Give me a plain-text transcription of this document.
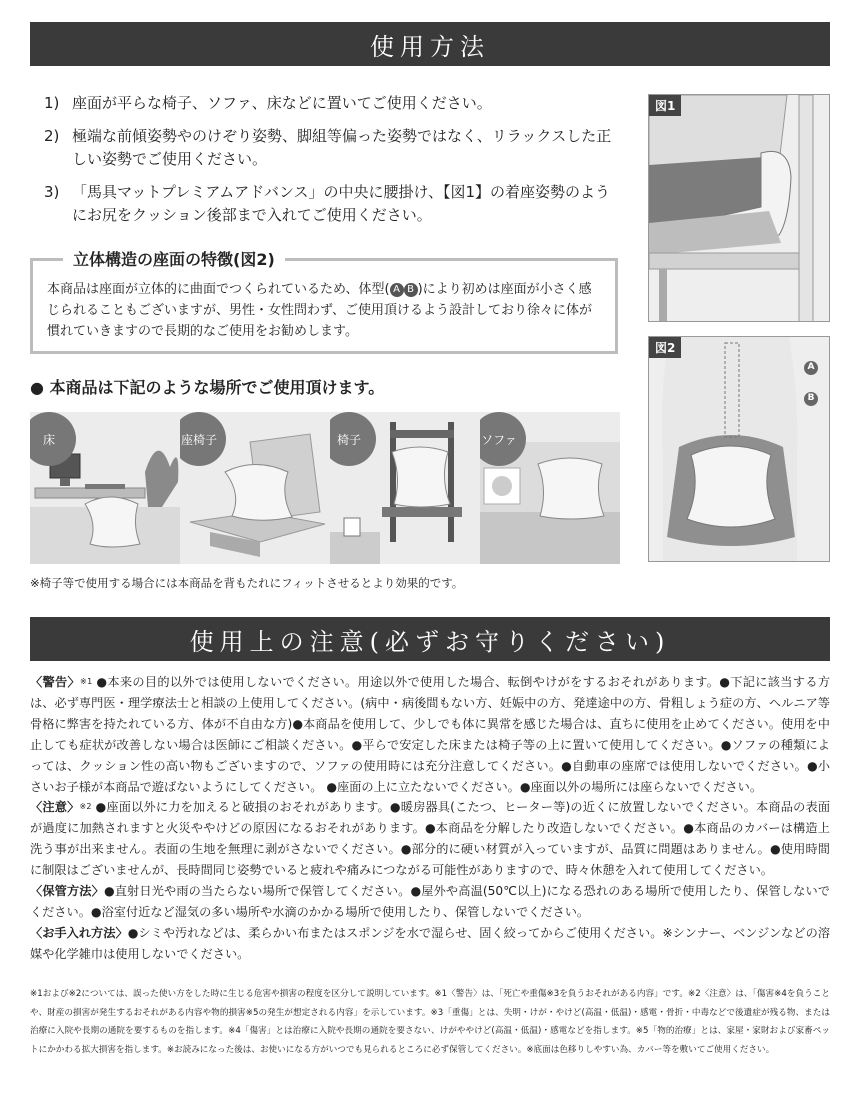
使用方法
1) 座面が平らな椅子、ソファ、床などに置いてご使用ください。
2) 極端な前傾姿勢やのけぞり姿勢、脚組等偏った姿勢ではなく、リラックスした正しい姿勢でご使用ください。
3) 「馬具マットプレミアムアドバンス」の中央に腰掛け、【図1】の着座姿勢のようにお尻をクッション後部まで入れてご使用ください。
立体構造の座面の特徴(図2)
本商品は座面が立体的に曲面でつくられているため、体型( A B )により初めは座面が小さく感じられることもございますが、男性・女性問わず、ご使用頂けるよう設計しており徐々に体が慣れていきますので長期的なご使用をお勧めします。
● 本商品は下記のような場所でご使用頂けます。
床	座椅子	椅子	ソファ
※椅子等で使用する場合には本商品を背もたれにフィットさせるとより効果的です。
図1
図2
A
B
使用上の注意(必ずお守りください)
〈警告〉$^{※1}$ ●本来の目的以外では使用しないでください。用途以外で使用した場合、転倒やけがをするおそれがあります。●下記に該当する方は、必ず専門医・理学療法士と相談の上使用してください。(病中・病後間もない方、妊娠中の方、発達途中の方、骨粗しょう症の方、ヘルニア等骨格に弊害を持たれている方、体が不自由な方)●本商品を使用して、少しでも体に異常を感じた場合は、直ちに使用を止めてください。使用を中止しても症状が改善しない場合は医師にご相談ください。●平らで安定した床または椅子等の上に置いて使用してください。●ソファの種類によっては、クッション性の高い物もございますので、ソファの使用時には充分注意してください。●自動車の座席では使用しないでください。●小さいお子様が本商品で遊ばないようにしてください。 ●座面の上に立たないでください。●座面以外の場所には座らないでください。
〈注意〉$^{※2}$ ●座面以外に力を加えると破損のおそれがあります。●暖房器具(こたつ、ヒーター等)の近くに放置しないでください。本商品の表面が過度に加熱されますと火災ややけどの原因になるおそれがあります。●本商品を分解したり改造しないでください。●本商品のカバーは構造上洗う事が出来ません。表面の生地を無理に剥がさないでください。●部分的に硬い材質が入っていますが、品質に問題はありません。●使用時間に制限はございませんが、長時間同じ姿勢でいると疲れや痛みにつながる可能性がありますので、時々休憩を入れて使用してください。
〈保管方法〉●直射日光や雨の当たらない場所で保管してください。●屋外や高温(50℃以上)になる恐れのある場所で使用したり、保管しないでください。●浴室付近など湿気の多い場所や水滴のかかる場所で使用したり、保管しないでください。
〈お手入れ方法〉●シミや汚れなどは、柔らかい布またはスポンジを水で湿らせ、固く絞ってからご使用ください。※シンナー、ベンジンなどの溶媒や化学雑巾は使用しないでください。
※1および※2については、誤った使い方をした時に生じる危害や損害の程度を区分して説明しています。※1〈警告〉は、「死亡や重傷※3を負うおそれがある内容」です。※2〈注意〉は、「傷害※4を負うことや、財産の損害が発生するおそれがある内容や物的損害※5の発生が想定される内容」を示しています。※3「重傷」とは、失明・けが・やけど(高温・低温)・感電・骨折・中毒などで後遺症が残る物、または治療に入院や長期の通院を要するものを指します。※4「傷害」とは治療に入院や長期の通院を要さない、けがややけど(高温・低温)・感電などを指します。※5「物的治療」とは、家屋・家財および家畜ペットにかかわる拡大損害を指します。※お読みになった後は、お使いになる方がいつでも見られるところに必ず保管してください。※底面は色移りしやすい為、カバー等を敷いてご使用ください。
